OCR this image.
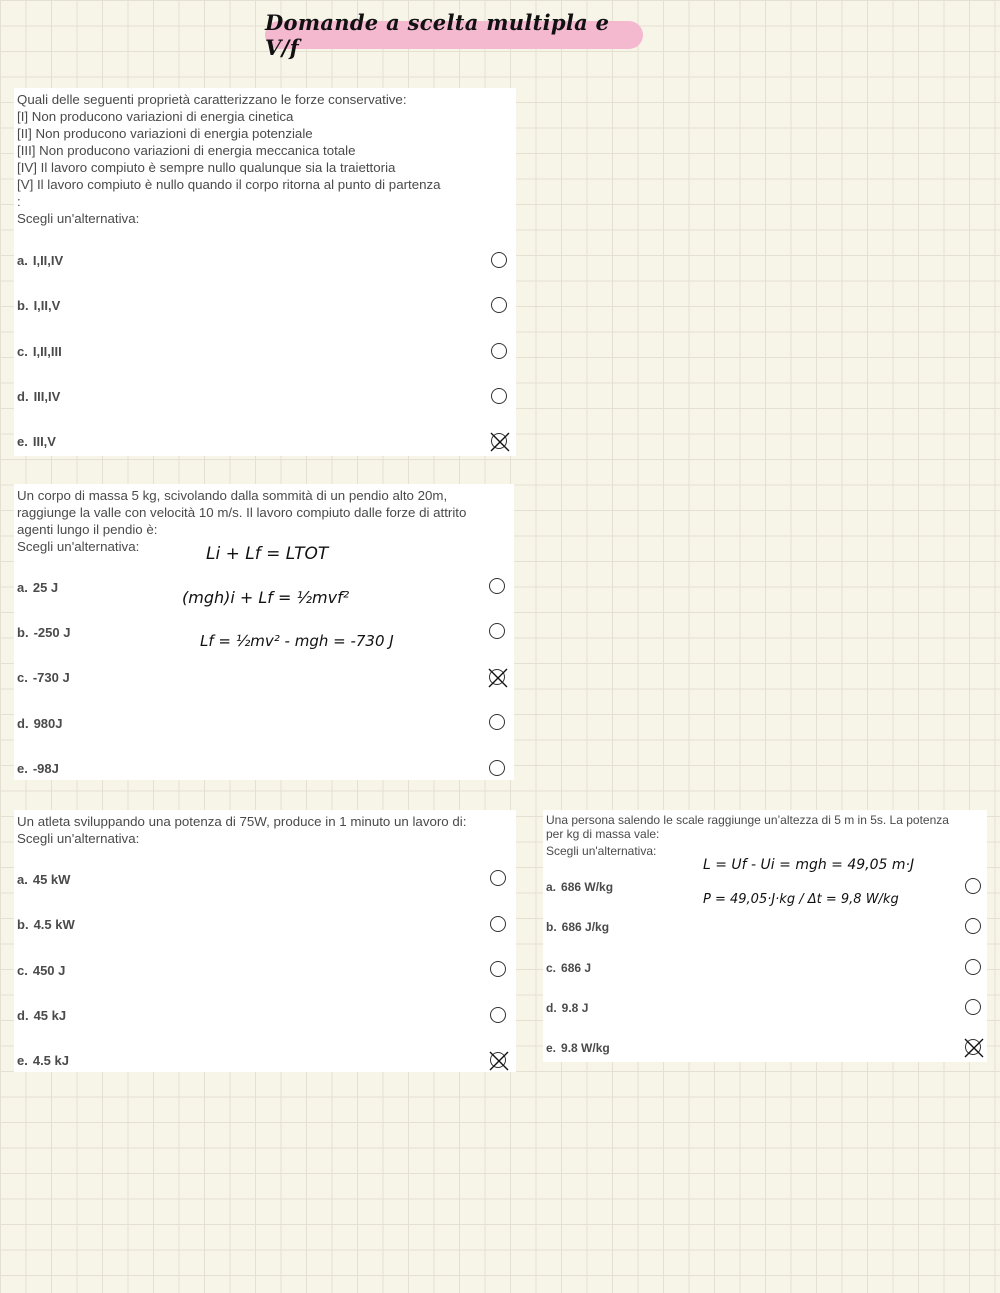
Domande a scelta multipla e V/f
Quali delle seguenti proprietà caratterizzano le forze conservative:
[I] Non producono variazioni di energia cinetica
[II] Non producono variazioni di energia potenziale
[III] Non producono variazioni di energia meccanica totale
[IV] Il lavoro compiuto è sempre nullo qualunque sia la traiettoria
[V] Il lavoro compiuto è nullo quando il corpo ritorna al punto di partenza
:
Scegli un'alternativa:
a. I,II,IV
b. I,II,V
c. I,II,III
d. III,IV
e. III,V
Un corpo di massa 5 kg, scivolando dalla sommità di un pendio alto 20m,
raggiunge la valle con velocità 10 m/s. Il lavoro compiuto dalle forze di attrito
agenti lungo il pendio è:
Scegli un'alternativa:
a. 25 J
b. -250 J
c. -730 J
d. 980J
e. -98J
Li + Lf = LTOT
(mgh)i + Lf = ½mvf²
Lf = ½mv² - mgh = -730 J
Un atleta sviluppando una potenza di 75W, produce in 1 minuto un lavoro di:
Scegli un'alternativa:
a. 45 kW
b. 4.5 kW
c. 450 J
d. 45 kJ
e. 4.5 kJ
Una persona salendo le scale raggiunge un’altezza di 5 m in 5s. La potenza
per kg di massa vale:
Scegli un'alternativa:
a. 686 W/kg
b. 686 J/kg
c. 686 J
d. 9.8 J
e. 9.8 W/kg
L = Uf - Ui = mgh = 49,05 m·J
P = 49,05·J·kg / Δt = 9,8 W/kg
